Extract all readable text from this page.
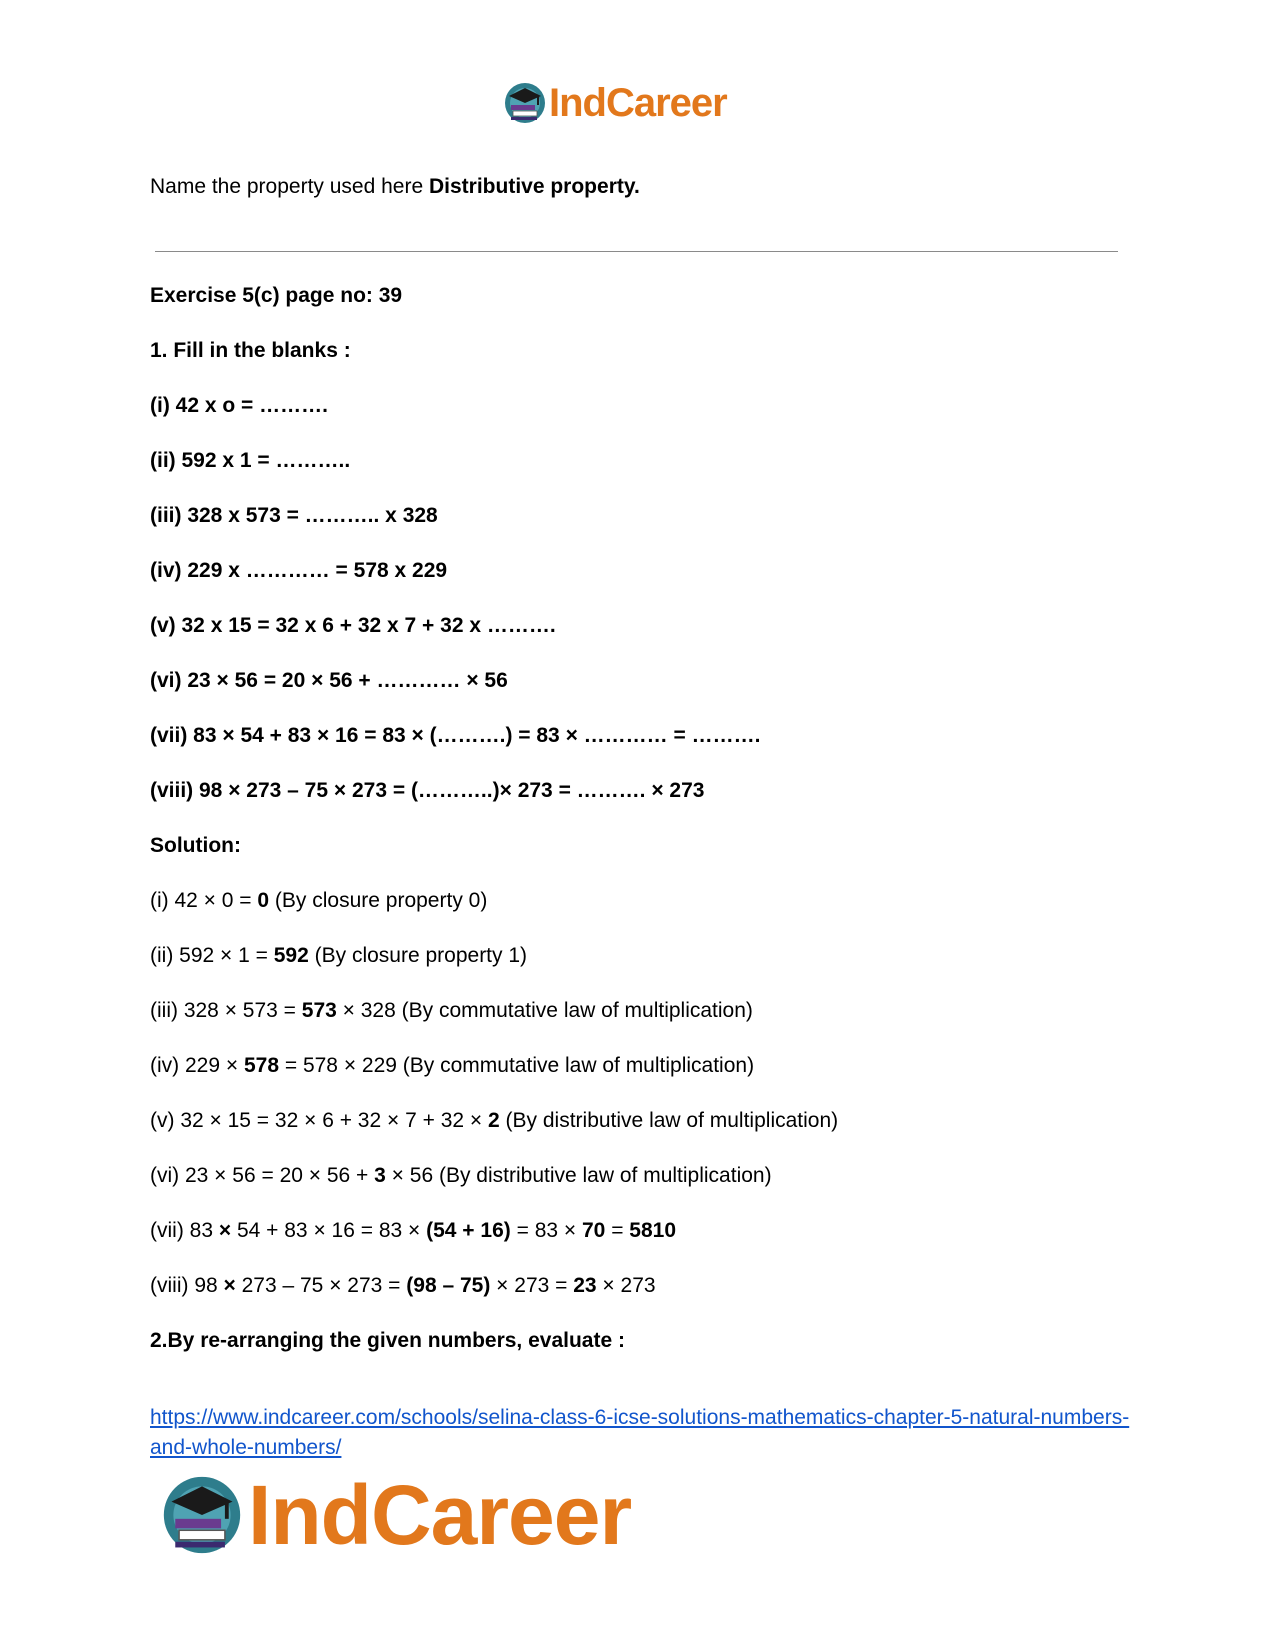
IndCareer
Name the property used here Distributive property.
Exercise 5(c) page no: 39
1. Fill in the blanks :
(i) 42 x o = ……….
(ii) 592 x 1 = ………..
(iii) 328 x 573 = ……….. x 328
(iv) 229 x ………… = 578 x 229
(v) 32 x 15 = 32 x 6 + 32 x 7 + 32 x ……….
(vi) 23 × 56 = 20 × 56 + ………… × 56
(vii) 83 × 54 + 83 × 16 = 83 × (……….) = 83 × ………… = ……….
(viii) 98 × 273 – 75 × 273 = (………..)× 273 = ………. × 273
Solution:
(i) 42 × 0 = 0 (By closure property 0)
(ii) 592 × 1 = 592 (By closure property 1)
(iii) 328 × 573 = 573 × 328 (By commutative law of multiplication)
(iv) 229 × 578 = 578 × 229 (By commutative law of multiplication)
(v) 32 × 15 = 32 × 6 + 32 × 7 + 32 × 2 (By distributive law of multiplication)
(vi) 23 × 56 = 20 × 56 + 3 × 56 (By distributive law of multiplication)
(vii) 83 × 54 + 83 × 16 = 83 × (54 + 16) = 83 × 70 = 5810
(viii) 98 × 273 – 75 × 273 = (98 – 75) × 273 = 23 × 273
2.By re-arranging the given numbers, evaluate :
https://www.indcareer.com/schools/selina-class-6-icse-solutions-mathematics-chapter-5-natural-numbers-and-whole-numbers/
IndCareer
